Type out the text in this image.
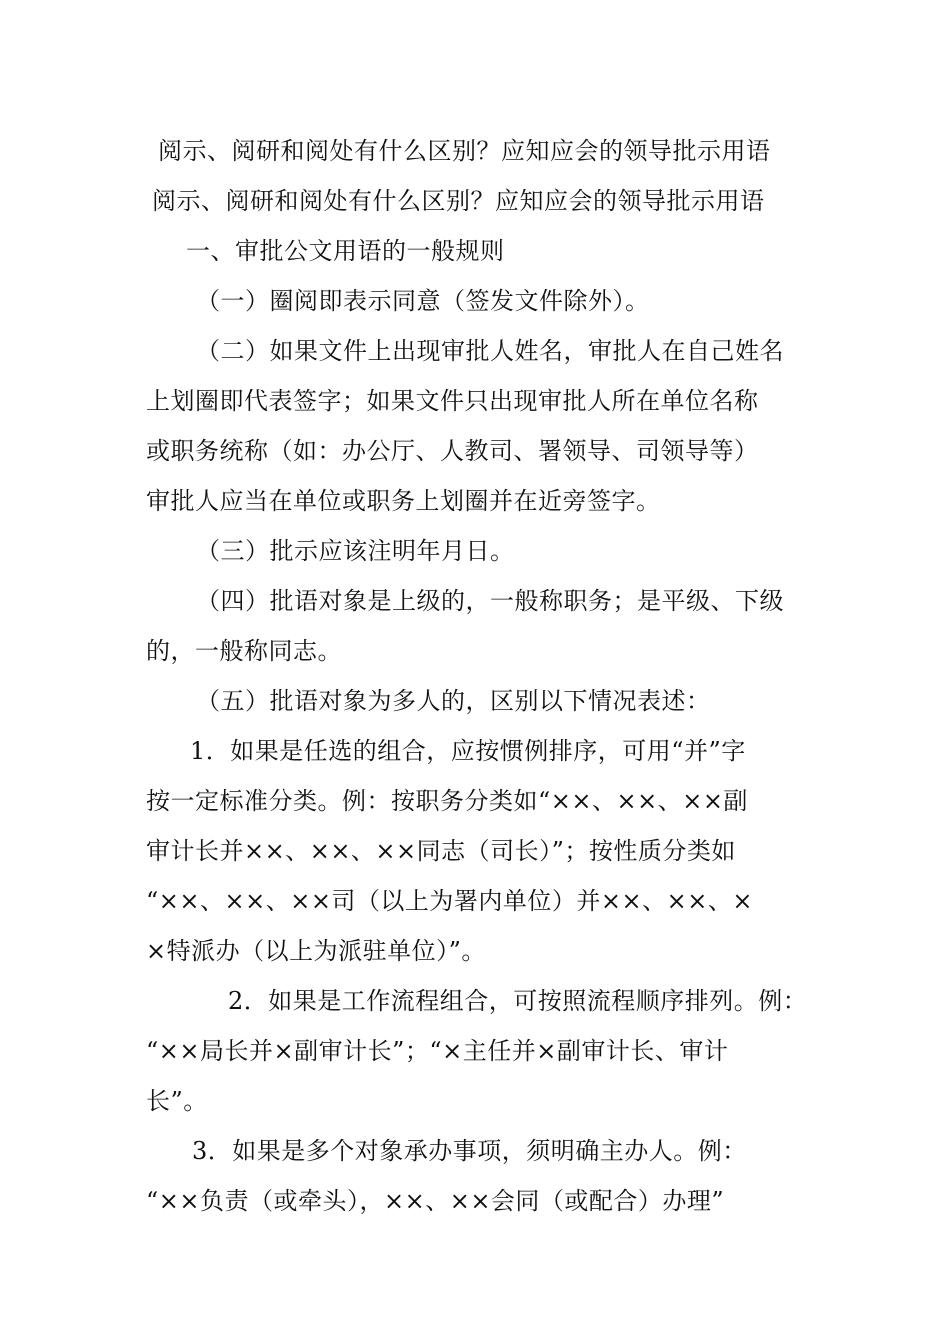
阅示、阅研和阅处有什么区别？应知应会的领导批示用语
阅示、阅研和阅处有什么区别？应知应会的领导批示用语
一、审批公文用语的一般规则
（一）圈阅即表示同意（签发文件除外）。
（二）如果文件上出现审批人姓名，审批人在自己姓名
上划圈即代表签字；如果文件只出现审批人所在单位名称
或职务统称（如：办公厅、人教司、署领导、司领导等）
审批人应当在单位或职务上划圈并在近旁签字。
（三）批示应该注明年月日。
（四）批语对象是上级的，一般称职务；是平级、下级
的，一般称同志。
（五）批语对象为多人的，区别以下情况表述：
1．如果是任选的组合，应按惯例排序，可用“并”字
按一定标准分类。例：按职务分类如“××、××、××副
审计长并××、××、××同志（司长）”；按性质分类如
“××、××、××司（以上为署内单位）并××、××、×
×特派办（以上为派驻单位）”。
2．如果是工作流程组合，可按照流程顺序排列。例：
“××局长并×副审计长”；“×主任并×副审计长、审计
长”。
3．如果是多个对象承办事项，须明确主办人。例：
“××负责（或牵头），××、××会同（或配合）办理”
